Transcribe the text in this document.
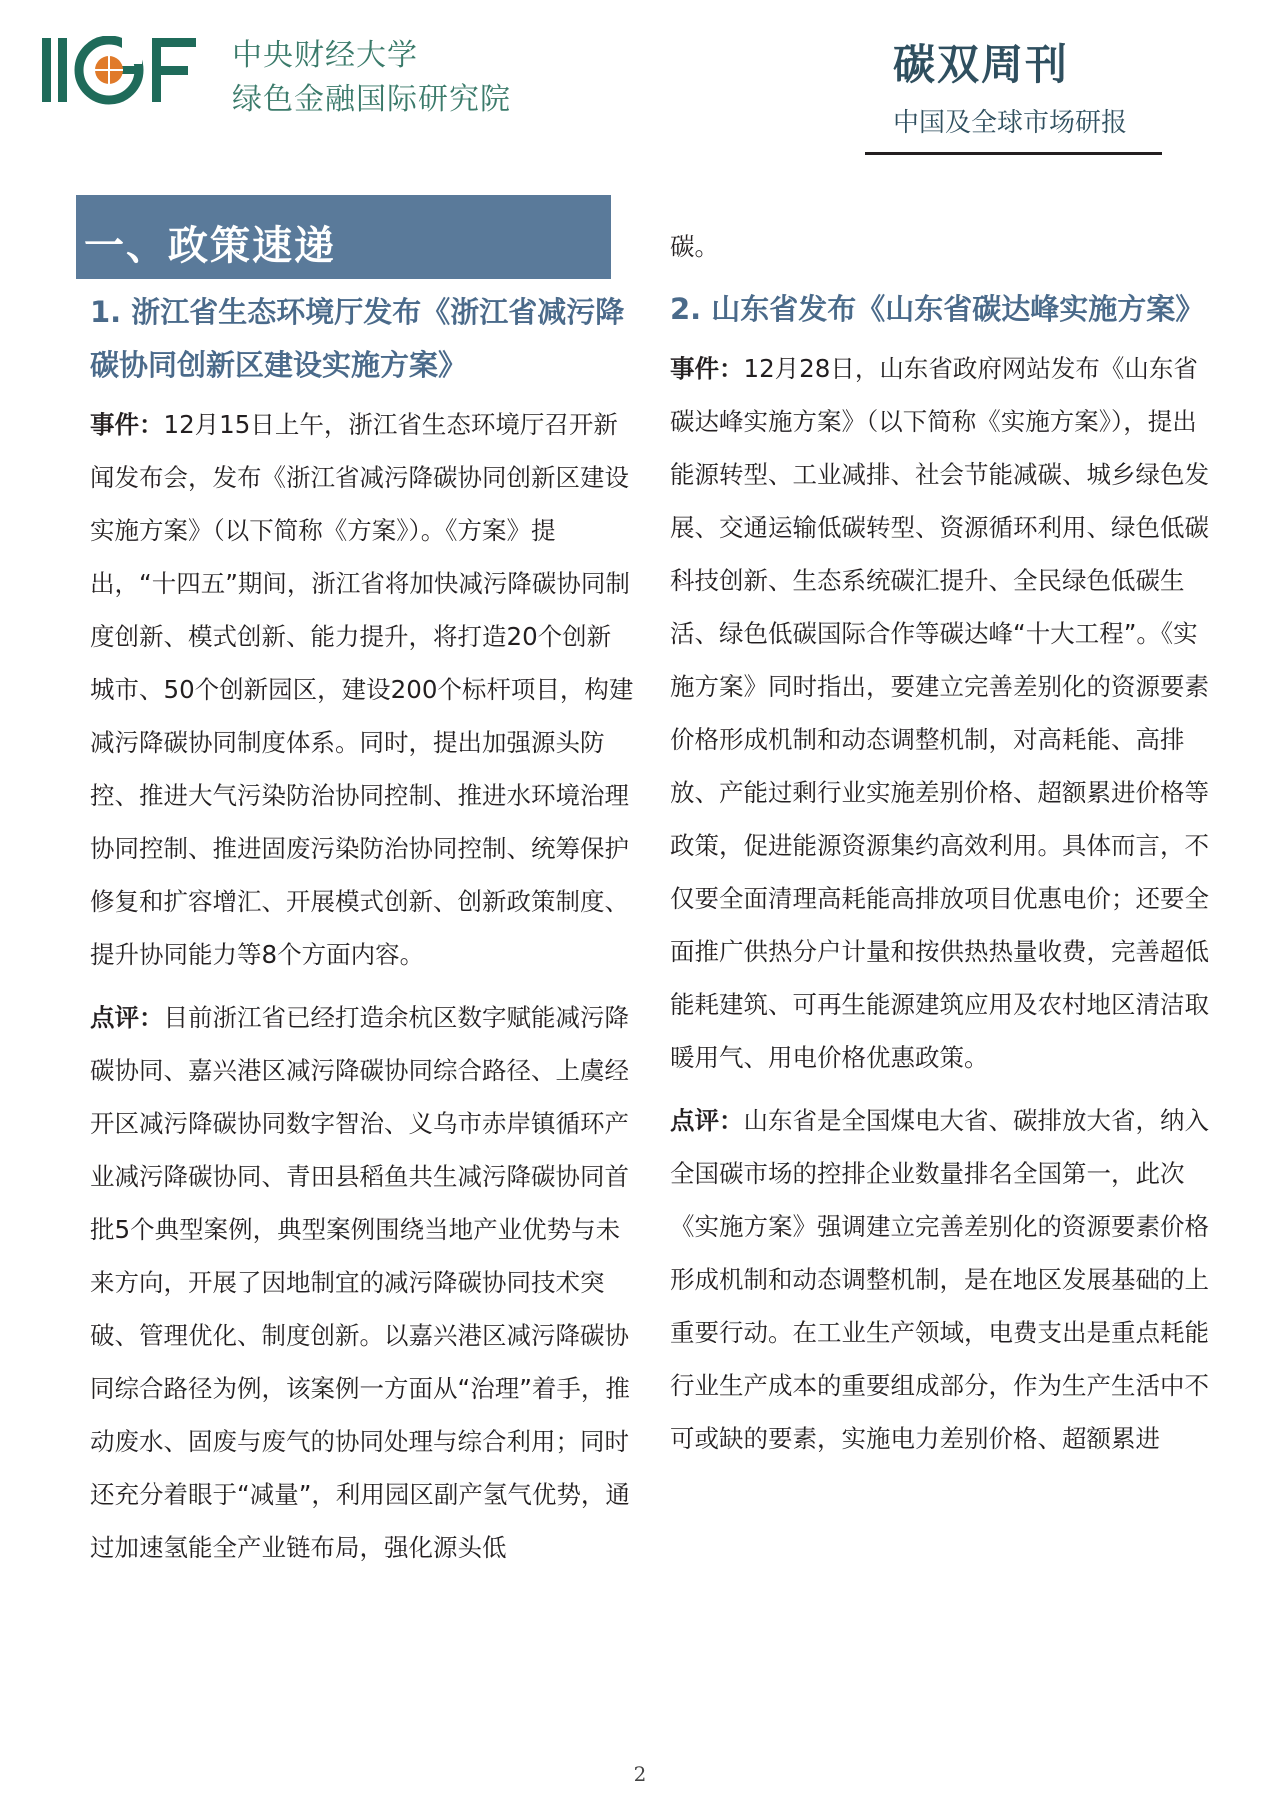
中央财经大学
绿色金融国际研究院
碳双周刊
中国及全球市场研报
一、政策速递
1. 浙江省生态环境厅发布《浙江省减污降碳协同创新区建设实施方案》

事件：12月15日上午，浙江省生态环境厅召开新闻发布会，发布《浙江省减污降碳协同创新区建设实施方案》（以下简称《方案》）。《方案》提出，“十四五”期间，浙江省将加快减污降碳协同制度创新、模式创新、能力提升，将打造20个创新城市、50个创新园区，建设200个标杆项目，构建减污降碳协同制度体系。同时，提出加强源头防控、推进大气污染防治协同控制、推进水环境治理协同控制、推进固废污染防治协同控制、统筹保护修复和扩容增汇、开展模式创新、创新政策制度、提升协同能力等8个方面内容。

点评：目前浙江省已经打造余杭区数字赋能减污降碳协同、嘉兴港区减污降碳协同综合路径、上虞经开区减污降碳协同数字智治、义乌市赤岸镇循环产业减污降碳协同、青田县稻鱼共生减污降碳协同首批5个典型案例，典型案例围绕当地产业优势与未来方向，开展了因地制宜的减污降碳协同技术突破、管理优化、制度创新。以嘉兴港区减污降碳协同综合路径为例，该案例一方面从“治理”着手，推动废水、固废与废气的协同处理与综合利用；同时还充分着眼于“减量”，利用园区副产氢气优势，通过加速氢能全产业链布局，强化源头低

碳。

2. 山东省发布《山东省碳达峰实施方案》

事件：12月28日，山东省政府网站发布《山东省碳达峰实施方案》（以下简称《实施方案》），提出能源转型、工业减排、社会节能减碳、城乡绿色发展、交通运输低碳转型、资源循环利用、绿色低碳科技创新、生态系统碳汇提升、全民绿色低碳生活、绿色低碳国际合作等碳达峰“十大工程”。《实施方案》同时指出，要建立完善差别化的资源要素价格形成机制和动态调整机制，对高耗能、高排放、产能过剩行业实施差别价格、超额累进价格等政策，促进能源资源集约高效利用。具体而言，不仅要全面清理高耗能高排放项目优惠电价；还要全面推广供热分户计量和按供热热量收费，完善超低能耗建筑、可再生能源建筑应用及农村地区清洁取暖用气、用电价格优惠政策。

点评：山东省是全国煤电大省、碳排放大省，纳入全国碳市场的控排企业数量排名全国第一，此次《实施方案》强调建立完善差别化的资源要素价格形成机制和动态调整机制，是在地区发展基础的上重要行动。在工业生产领域，电费支出是重点耗能行业生产成本的重要组成部分，作为生产生活中不可或缺的要素，实施电力差别价格、超额累进

2
